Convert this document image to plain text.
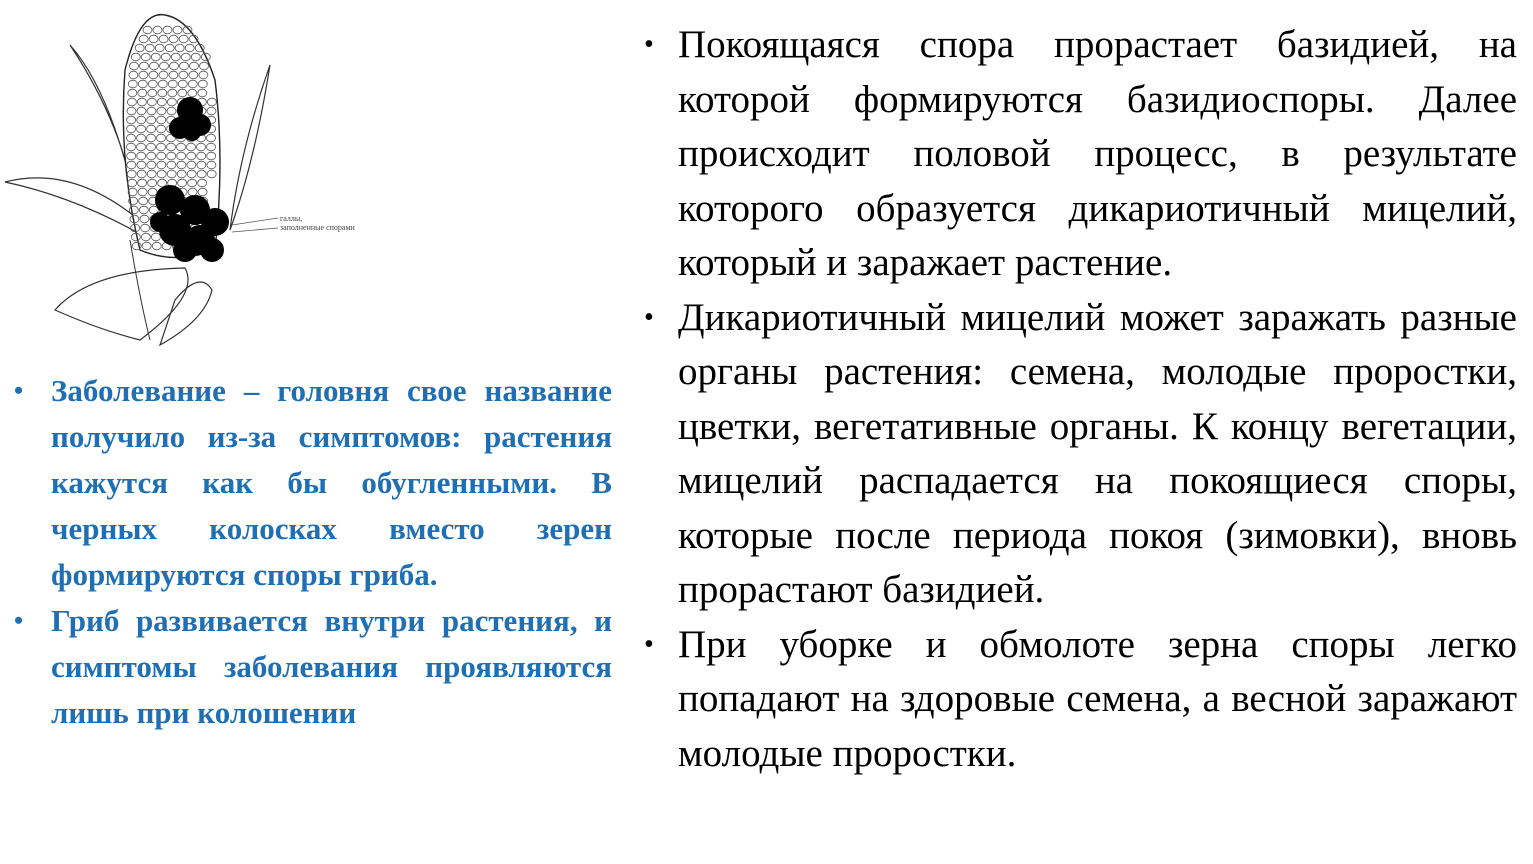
галлы,
заполненные спорами
• Заболевание – головня свое название получило из-за симптомов: растения кажутся как бы обугленными. В черных колосках вместо зерен формируются споры гриба.
• Гриб развивается внутри растения, и симптомы заболевания проявляются лишь при колошении
• Покоящаяся спора прорастает базидией, на которой формируются базидиоспоры. Далее происходит половой процесс, в результате которого образуется дикариотичный мицелий, который и заражает растение.
• Дикариотичный мицелий может заражать разные органы растения: семена, молодые проростки, цветки, вегетативные органы. К концу вегетации, мицелий распадается на покоящиеся споры, которые после периода покоя (зимовки), вновь прорастают базидией.
• При уборке и обмолоте зерна споры легко попадают на здоровые семена, а весной заражают молодые проростки.
